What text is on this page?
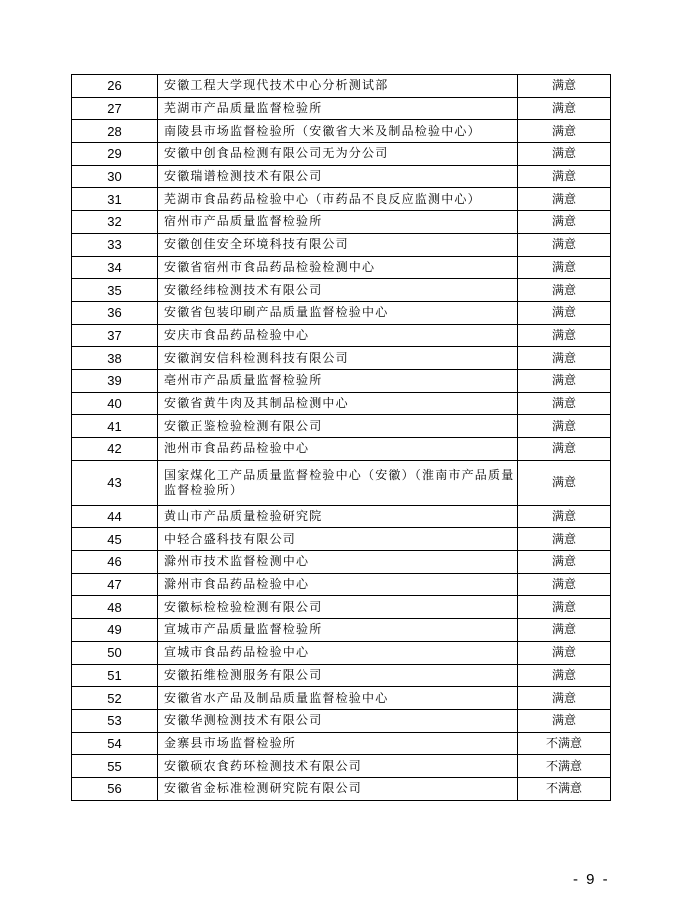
26	安徽工程大学现代技术中心分析测试部	满意
27	芜湖市产品质量监督检验所	满意
28	南陵县市场监督检验所（安徽省大米及制品检验中心）	满意
29	安徽中创食品检测有限公司无为分公司	满意
30	安徽瑞谱检测技术有限公司	满意
31	芜湖市食品药品检验中心（市药品不良反应监测中心）	满意
32	宿州市产品质量监督检验所	满意
33	安徽创佳安全环境科技有限公司	满意
34	安徽省宿州市食品药品检验检测中心	满意
35	安徽经纬检测技术有限公司	满意
36	安徽省包装印刷产品质量监督检验中心	满意
37	安庆市食品药品检验中心	满意
38	安徽润安信科检测科技有限公司	满意
39	亳州市产品质量监督检验所	满意
40	安徽省黄牛肉及其制品检测中心	满意
41	安徽正鉴检验检测有限公司	满意
42	池州市食品药品检验中心	满意
43	国家煤化工产品质量监督检验中心（安徽）（淮南市产品质量监督检验所）	满意
44	黄山市产品质量检验研究院	满意
45	中轻合盛科技有限公司	满意
46	滁州市技术监督检测中心	满意
47	滁州市食品药品检验中心	满意
48	安徽标检检验检测有限公司	满意
49	宣城市产品质量监督检验所	满意
50	宣城市食品药品检验中心	满意
51	安徽拓维检测服务有限公司	满意
52	安徽省水产品及制品质量监督检验中心	满意
53	安徽华测检测技术有限公司	满意
54	金寨县市场监督检验所	不满意
55	安徽硕农食药环检测技术有限公司	不满意
56	安徽省金标准检测研究院有限公司	不满意
- 9 -
